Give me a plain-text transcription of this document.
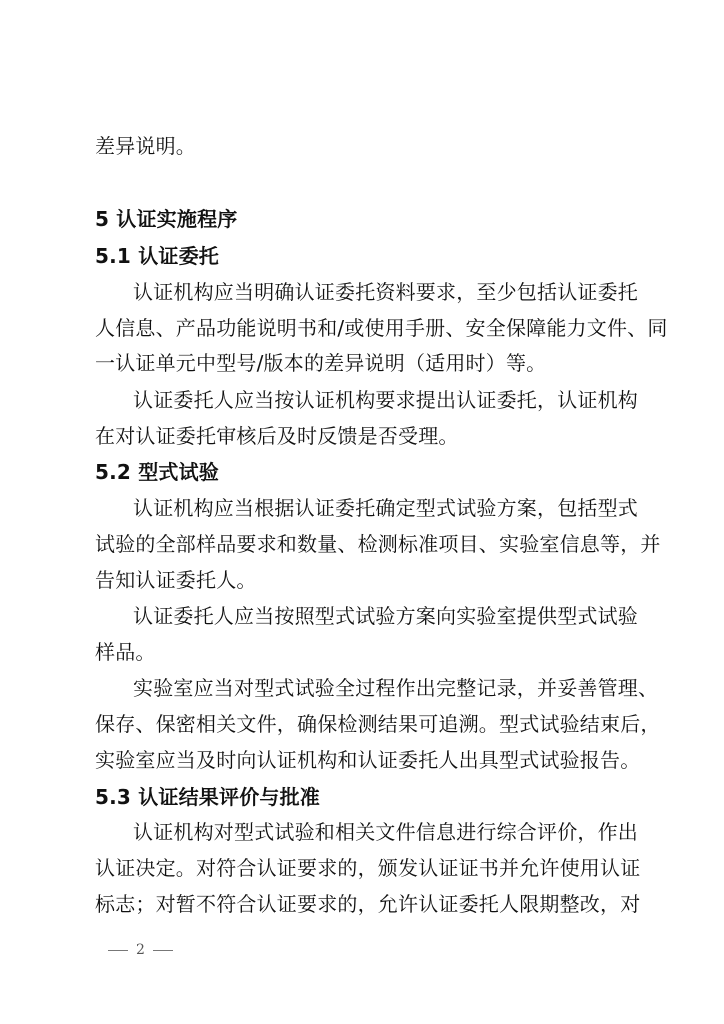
差异说明。
5 认证实施程序
5.1 认证委托
认证机构应当明确认证委托资料要求，至少包括认证委托
人信息、产品功能说明书和/或使用手册、安全保障能力文件、同
一认证单元中型号/版本的差异说明（适用时）等。
认证委托人应当按认证机构要求提出认证委托，认证机构
在对认证委托审核后及时反馈是否受理。
5.2 型式试验
认证机构应当根据认证委托确定型式试验方案，包括型式
试验的全部样品要求和数量、检测标准项目、实验室信息等，并
告知认证委托人。
认证委托人应当按照型式试验方案向实验室提供型式试验
样品。
实验室应当对型式试验全过程作出完整记录，并妥善管理、
保存、保密相关文件，确保检测结果可追溯。型式试验结束后，
实验室应当及时向认证机构和认证委托人出具型式试验报告。
5.3 认证结果评价与批准
认证机构对型式试验和相关文件信息进行综合评价，作出
认证决定。对符合认证要求的，颁发认证证书并允许使用认证
标志；对暂不符合认证要求的，允许认证委托人限期整改，对
2
